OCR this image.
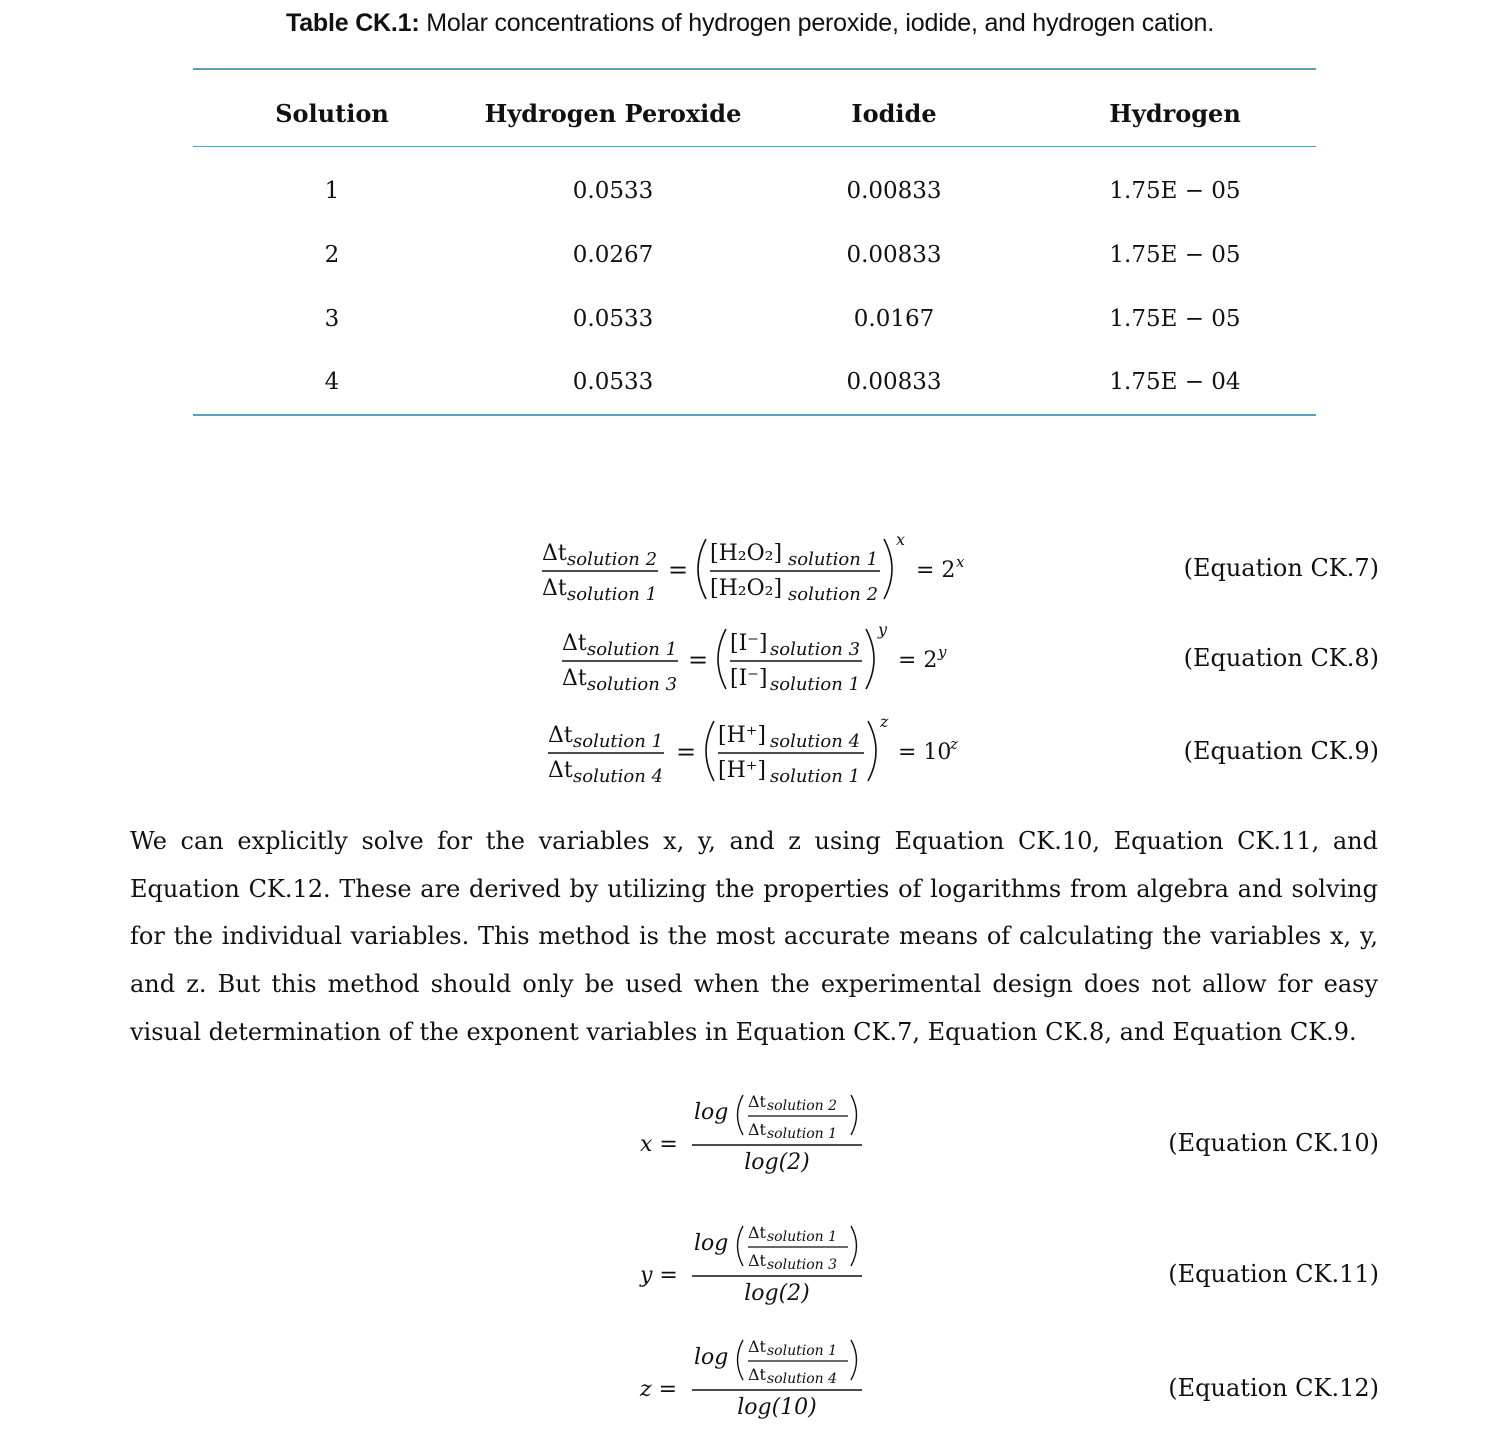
Table CK.1: Molar concentrations of hydrogen peroxide, iodide, and hydrogen cation.
Solution	Hydrogen Peroxide	Iodide	Hydrogen
1	0.0533	0.00833	1.75E − 05
2	0.0267	0.00833	1.75E − 05
3	0.0533	0.0167	1.75E − 05
4	0.0533	0.00833	1.75E − 04
Δt solution 2
Δt solution 1
=
[H₂O₂] solution 1
[H₂O₂] solution 2
x
= 2 x	(Equation CK.7)
Δt solution 1
Δt solution 3
=
[I⁻] solution 3
[I⁻] solution 1
y
= 2 y	(Equation CK.8)
Δt solution 1
Δt solution 4
=
[H⁺] solution 4
[H⁺] solution 1
z
= 10
z	(Equation CK.9)
We can explicitly solve for the variables x, y, and z using Equation CK.10, Equation CK.11, and Equation CK.12. These are derived by utilizing the properties of logarithms from algebra and solving for the individual variables. This method is the most accurate means of calculating the variables x, y, and z. But this method should only be used when the experimental design does not allow for easy visual determination of the exponent variables in Equation CK.7, Equation CK.8, and Equation CK.9.
x =
log Δt solution 2
Δt solution 1
log(2)
(Equation CK.10)
y =
log Δt solution 1
Δt solution 3
log(2)
(Equation CK.11)
z =
log Δt solution 1
Δt solution 4
log(10)
(Equation CK.12)
